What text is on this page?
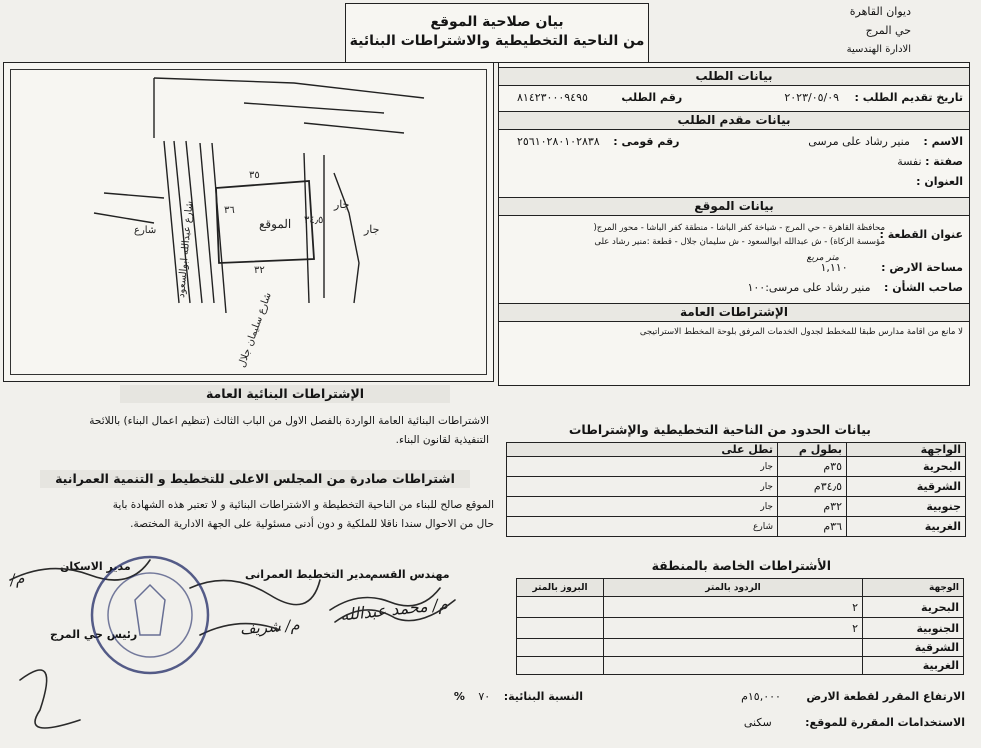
ديوان القاهرة
حي المرج
الادارة الهندسية
بيان صلاحية الموقع
من الناحية التخطيطية والاشتراطات البنائية
الموقع
جار
جار
٣٥
٣٤٫٥
٣٢
٣٦
شارع عبدالله ابوالسعود
شارع سليمان جلال
شارع
بيانات الطلب
تاريخ تقديم الطلب : ٢٠٢٣/٠٥/٠٩
رقم الطلب ٨١٤٢٣٠٠٠٩٤٩٥
بيانات مقدم الطلب
الاسم : منير رشاد على مرسى
رقم قومى : ٢٥٦١٠٢٨٠١٠٢٨٣٨
صفتة : نفسة
العنوان :
بيانات الموقع
عنوان القطعة :
محافظة القاهرة - حي المرج - شياخة كفر الباشا - منطقة كفر الباشا - محور المرج(
مؤسسة الزكاة) - ش عبدالله ابوالسعود - ش سليمان جلال - قطعة :منير رشاد على
مساحة الارض : ١,١١٠
متر مربع
صاحب الشأن : منير رشاد على مرسى:١٠٠
الإشتراطات العامة
لا مانع من اقامة مدارس طبقا للمخطط لجدول الخدمات المرفق بلوحة المخطط الاستراتيجى
بيانات الحدود من الناحية التخطيطية والإشتراطات
الواجهة	بطول م	تطل على
البحرية	٣٥م	جار
الشرقية	٣٤٫٥م	جار
جنوبية	٣٢م	جار
الغربية	٣٦م	شارع
الأشتراطات الخاصة بالمنطقة
الوجهة	الردود بالمتر	البروز بالمتر
البحرية	٢	
الجنوبية	٢	
الشرقية		
الغربية		
الارتفاع المقرر لقطعة الارض ١٥,٠٠٠م
النسبة البنائية: ٧٠ %
الاستخدامات المقررة للموقع: سكنى
الإشتراطات البنائية العامة
الاشتراطات البنائية العامة الواردة بالفصل الاول من الباب الثالث (تنظيم اعمال البناء) باللائحة
التنفيذية لقانون البناء.
اشتراطات صادرة من المجلس الاعلى للتخطيط و التنمية العمرانية
الموقع صالح للبناء من الناحية التخطيطة و الاشتراطات البنائية و لا تعتبر هذه الشهادة باية
حال من الاحوال سندا ناقلا للملكية و دون أدنى مسئولية على الجهة الادارية المختصة.
مهندس القسم
مدير التخطيط العمرانى
مدير الاسكان
رئيس حي المرج
م/ محمد عبدالله
م/ شريف
م/
